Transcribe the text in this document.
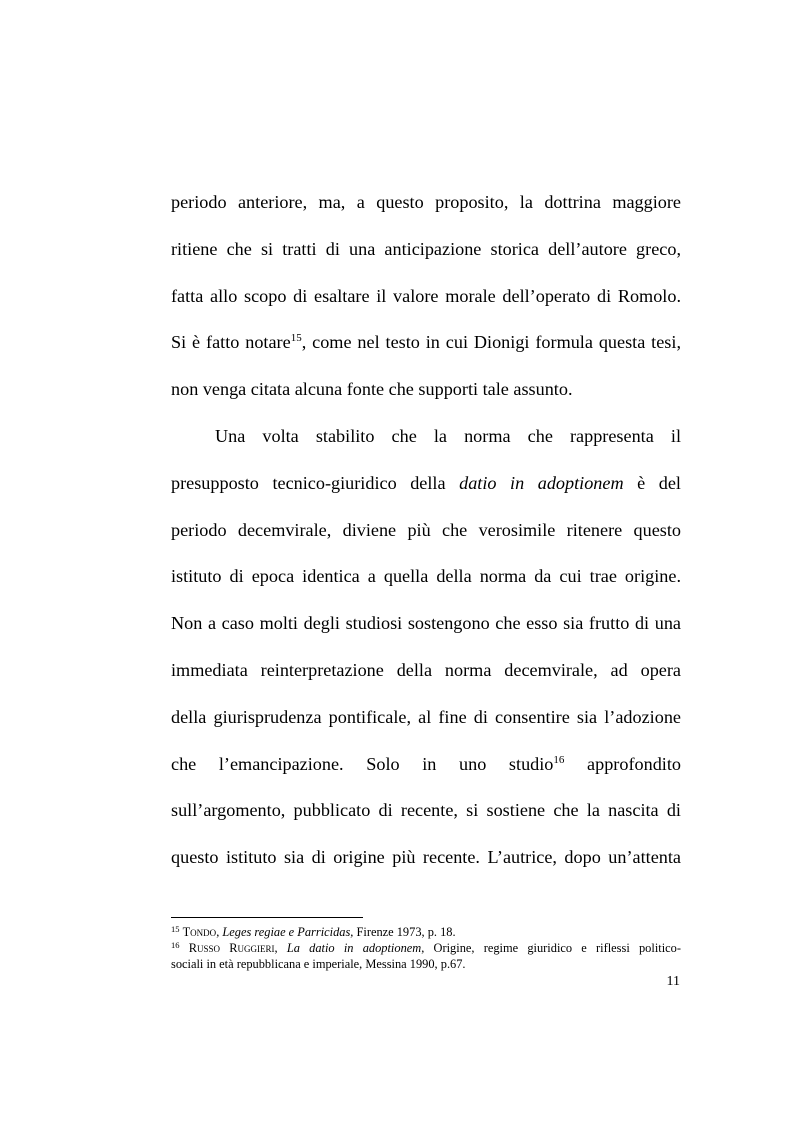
periodo anteriore, ma, a questo proposito, la dottrina maggiore
ritiene che si tratti di una anticipazione storica dell’autore greco,
fatta allo scopo di esaltare il valore morale dell’operato di Romolo.
Si è fatto notare$^{15}$, come nel testo in cui Dionigi formula questa tesi,
non venga citata alcuna fonte che supporti tale assunto.
Una volta stabilito che la norma che rappresenta il
presupposto tecnico-giuridico della datio in adoptionem è del
periodo decemvirale, diviene più che verosimile ritenere questo
istituto di epoca identica a quella della norma da cui trae origine.
Non a caso molti degli studiosi sostengono che esso sia frutto di una
immediata reinterpretazione della norma decemvirale, ad opera
della giurisprudenza pontificale, al fine di consentire sia l’adozione
che l’emancipazione. Solo in uno studio$^{16}$ approfondito
sull’argomento, pubblicato di recente, si sostiene che la nascita di
questo istituto sia di origine più recente. L’autrice, dopo un’attenta
$^{15}$ Tondo, Leges regiae e Parricidas, Firenze 1973, p. 18.
$^{16}$ Russo Ruggieri, La datio in adoptionem, Origine, regime giuridico e riflessi politico-
sociali in età repubblicana e imperiale, Messina 1990, p.67.
11
